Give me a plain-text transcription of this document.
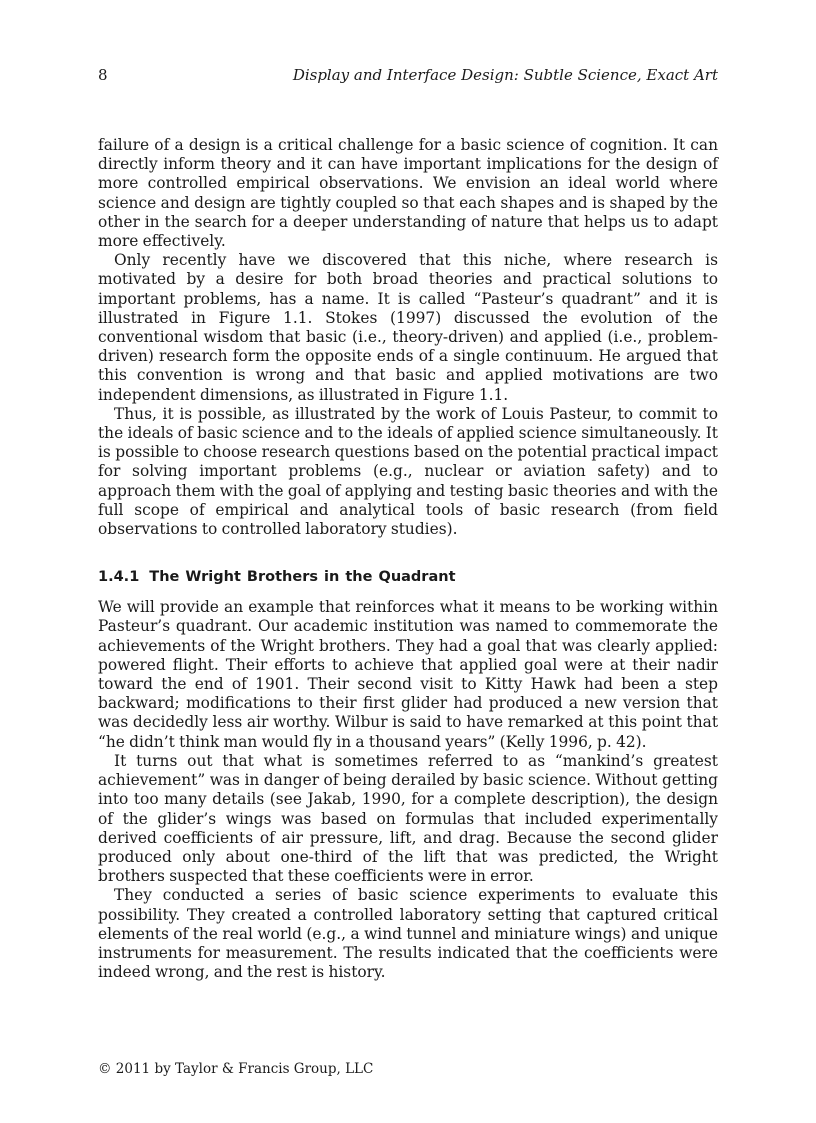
8	Display and Interface Design: Subtle Science, Exact Art

failure of a design is a critical challenge for a basic science of cognition. It can directly inform theory and it can have important implications for the design of more controlled empirical observations. We envision an ideal world where science and design are tightly coupled so that each shapes and is shaped by the other in the search for a deeper understanding of nature that helps us to adapt more effectively.

Only recently have we discovered that this niche, where research is motivated by a desire for both broad theories and practical solutions to important problems, has a name. It is called “Pasteur’s quadrant” and it is illustrated in Figure 1.1. Stokes (1997) discussed the evolution of the conventional wisdom that basic (i.e., theory-driven) and applied (i.e., problem-driven) research form the opposite ends of a single continuum. He argued that this convention is wrong and that basic and applied motivations are two independent dimensions, as illustrated in Figure 1.1.

Thus, it is possible, as illustrated by the work of Louis Pasteur, to commit to the ideals of basic science and to the ideals of applied science simultaneously. It is possible to choose research questions based on the potential practical impact for solving important problems (e.g., nuclear or aviation safety) and to approach them with the goal of applying and testing basic theories and with the full scope of empirical and analytical tools of basic research (from field observations to controlled laboratory studies).

1.4.1 The Wright Brothers in the Quadrant

We will provide an example that reinforces what it means to be working within Pasteur’s quadrant. Our academic institution was named to commemorate the achievements of the Wright brothers. They had a goal that was clearly applied: powered flight. Their efforts to achieve that applied goal were at their nadir toward the end of 1901. Their second visit to Kitty Hawk had been a step backward; modifications to their first glider had produced a new version that was decidedly less air worthy. Wilbur is said to have remarked at this point that “he didn’t think man would fly in a thousand years” (Kelly 1996, p. 42).

It turns out that what is sometimes referred to as “mankind’s greatest achievement” was in danger of being derailed by basic science. Without getting into too many details (see Jakab, 1990, for a complete description), the design of the glider’s wings was based on formulas that included experimentally derived coefficients of air pressure, lift, and drag. Because the second glider produced only about one-third of the lift that was predicted, the Wright brothers suspected that these coefficients were in error.

They conducted a series of basic science experiments to evaluate this possibility. They created a controlled laboratory setting that captured critical elements of the real world (e.g., a wind tunnel and miniature wings) and unique instruments for measurement. The results indicated that the coefficients were indeed wrong, and the rest is history.

© 2011 by Taylor & Francis Group, LLC
